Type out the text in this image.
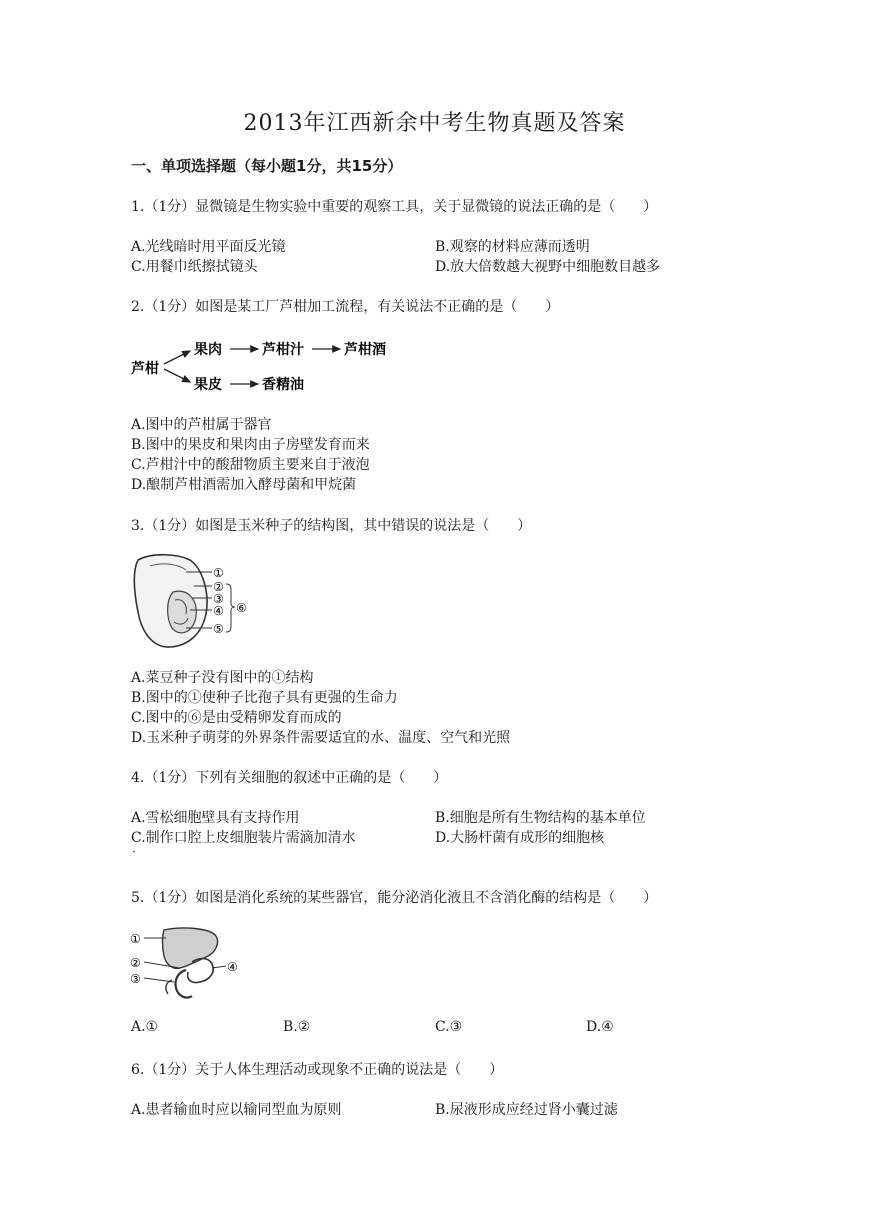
2013年江西新余中考生物真题及答案
一、单项选择题（每小题1分，共15分）
1.（1分）显微镜是生物实验中重要的观察工具，关于显微镜的说法正确的是（　　）
A.光线暗时用平面反光镜	B.观察的材料应薄而透明
C.用餐巾纸擦拭镜头	D.放大倍数越大视野中细胞数目越多
2.（1分）如图是某工厂芦柑加工流程，有关说法不正确的是（　　）
芦柑
果肉	芦柑汁	芦柑酒
果皮	香精油
A.图中的芦柑属于器官
B.图中的果皮和果肉由子房壁发育而来
C.芦柑汁中的酸甜物质主要来自于液泡
D.酿制芦柑酒需加入酵母菌和甲烷菌
3.（1分）如图是玉米种子的结构图，其中错误的说法是（　　）
①
②
③
④
⑤
⑥
A.菜豆种子没有图中的①结构
B.图中的①使种子比孢子具有更强的生命力
C.图中的⑥是由受精卵发育而成的
D.玉米种子萌芽的外界条件需要适宜的水、温度、空气和光照
4.（1分）下列有关细胞的叙述中正确的是（　　）
A.雪松细胞壁具有支持作用	B.细胞是所有生物结构的基本单位
C.制作口腔上皮细胞装片需滴加清水	D.大肠杆菌有成形的细胞核
·
5.（1分）如图是消化系统的某些器官，能分泌消化液且不含消化酶的结构是（　　）
①
②
③
④
A.①	B.②	C.③	D.④
6.（1分）关于人体生理活动或现象不正确的说法是（　　）
A.患者输血时应以输同型血为原则	B.尿液形成应经过肾小囊过滤
